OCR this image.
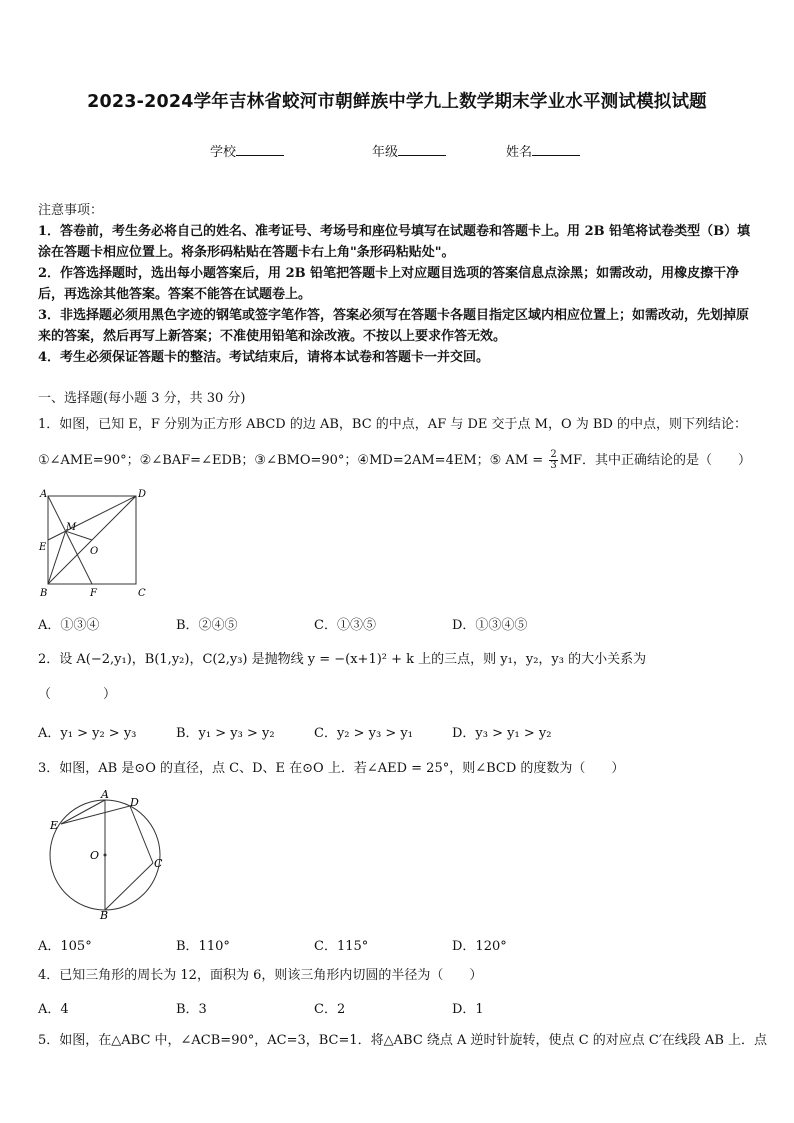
2023-2024学年吉林省蛟河市朝鲜族中学九上数学期末学业水平测试模拟试题
学校	年级	姓名
注意事项：
1．答卷前，考生务必将自己的姓名、准考证号、考场号和座位号填写在试题卷和答题卡上。用 2B 铅笔将试卷类型（B）填涂在答题卡相应位置上。将条形码粘贴在答题卡右上角"条形码粘贴处"。
2．作答选择题时，选出每小题答案后，用 2B 铅笔把答题卡上对应题目选项的答案信息点涂黑；如需改动，用橡皮擦干净后，再选涂其他答案。答案不能答在试题卷上。
3．非选择题必须用黑色字迹的钢笔或签字笔作答，答案必须写在答题卡各题目指定区域内相应位置上；如需改动，先划掉原来的答案，然后再写上新答案；不准使用铅笔和涂改液。不按以上要求作答无效。
4．考生必须保证答题卡的整洁。考试结束后，请将本试卷和答题卡一并交回。
一、选择题(每小题 3 分，共 30 分)
1．如图，已知 E，F 分别为正方形 ABCD 的边 AB，BC 的中点，AF 与 DE 交于点 M，O 为 BD 的中点，则下列结论：
①∠AME=90°；②∠BAF=∠EDB；③∠BMO=90°；④MD=2AM=4EM；⑤ AM = $\frac{2}{3}$ MF．其中正确结论的是（　　）
A	D
E
M
O
B	F	C
A．①③④	B．②④⑤	C．①③⑤	D．①③④⑤
2．设 A(−2,y₁)，B(1,y₂)，C(2,y₃) 是抛物线 y = −(x+1)² + k 上的三点，则 y₁，y₂，y₃ 的大小关系为
（　　　　）
A．y₁ > y₂ > y₃	B．y₁ > y₃ > y₂	C．y₂ > y₃ > y₁	D．y₃ > y₁ > y₂
3．如图，AB 是⊙O 的直径，点 C、D、E 在⊙O 上．若∠AED = 25°，则∠BCD 的度数为（　　）
A
D
E
O
C
B
A．105°	B．110°	C．115°	D．120°
4．已知三角形的周长为 12，面积为 6，则该三角形内切圆的半径为（　　）
A．4	B．3	C．2	D．1
5．如图，在△ABC 中，∠ACB=90°，AC=3，BC=1．将△ABC 绕点 A 逆时针旋转，使点 C 的对应点 C′在线段 AB 上．点
